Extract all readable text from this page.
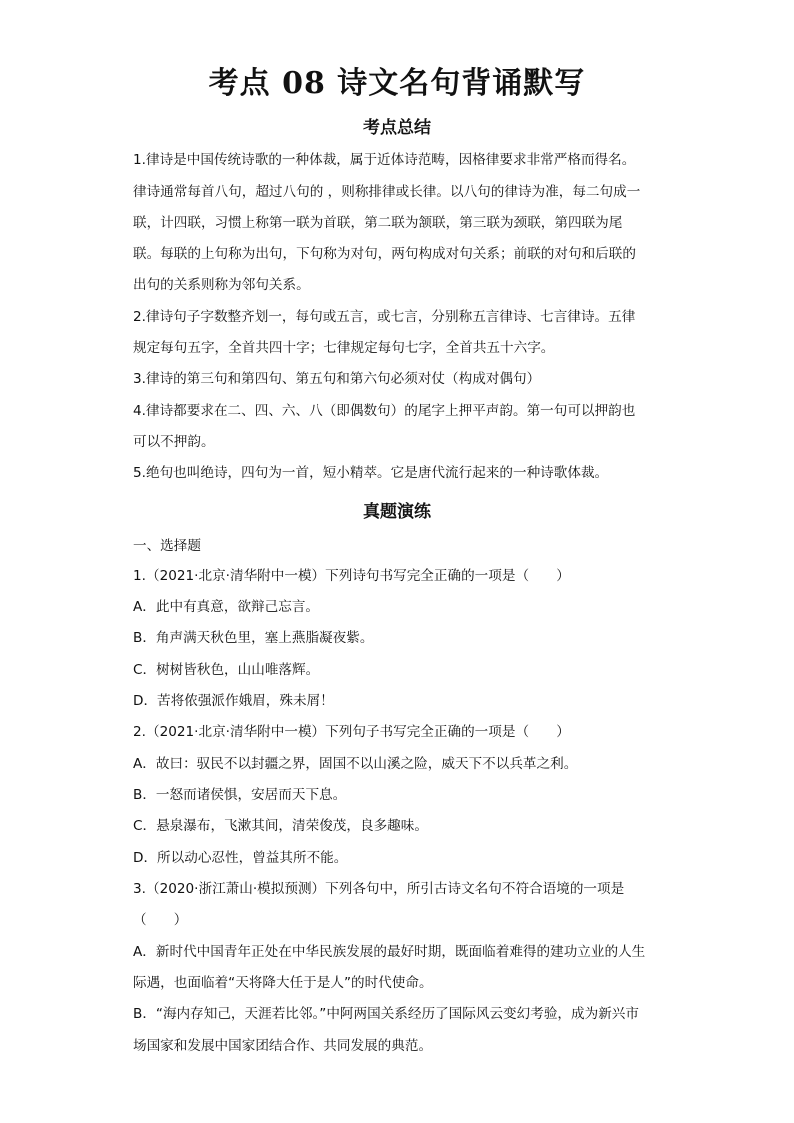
考点 08 诗文名句背诵默写
考点总结
1.律诗是中国传统诗歌的一种体裁，属于近体诗范畴，因格律要求非常严格而得名。
律诗通常每首八句，超过八句的 ，则称排律或长律。以八句的律诗为准，每二句成一
联，计四联，习惯上称第一联为首联，第二联为颔联，第三联为颈联，第四联为尾
联。每联的上句称为出句，下句称为对句，两句构成对句关系；前联的对句和后联的
出句的关系则称为邻句关系。
2.律诗句子字数整齐划一，每句或五言，或七言，分别称五言律诗、七言律诗。五律
规定每句五字，全首共四十字；七律规定每句七字，全首共五十六字。
3.律诗的第三句和第四句、第五句和第六句必须对仗（构成对偶句）
4.律诗都要求在二、四、六、八（即偶数句）的尾字上押平声韵。第一句可以押韵也
可以不押韵。
5.绝句也叫绝诗，四句为一首，短小精萃。它是唐代流行起来的一种诗歌体裁。
真题演练
一、选择题
1.（2021·北京·清华附中一模）下列诗句书写完全正确的一项是（　　）
A．此中有真意，欲辩己忘言。
B．角声满天秋色里，塞上燕脂凝夜紫。
C．树树皆秋色，山山唯落辉。
D．苦将侬强派作娥眉，殊未屑！
2.（2021·北京·清华附中一模）下列句子书写完全正确的一项是（　　）
A．故曰：驭民不以封疆之界，固国不以山溪之险，威天下不以兵革之利。
B．一怒而诸侯惧，安居而天下息。
C．悬泉瀑布，飞漱其间，清荣俊茂，良多趣味。
D．所以动心忍性，曾益其所不能。
3.（2020·浙江萧山·模拟预测）下列各句中，所引古诗文名句不符合语境的一项是
（　　）
A．新时代中国青年正处在中华民族发展的最好时期，既面临着难得的建功立业的人生
际遇，也面临着“天将降大任于是人”的时代使命。
B．“海内存知己，天涯若比邻。”中阿两国关系经历了国际风云变幻考验，成为新兴市
场国家和发展中国家团结合作、共同发展的典范。
